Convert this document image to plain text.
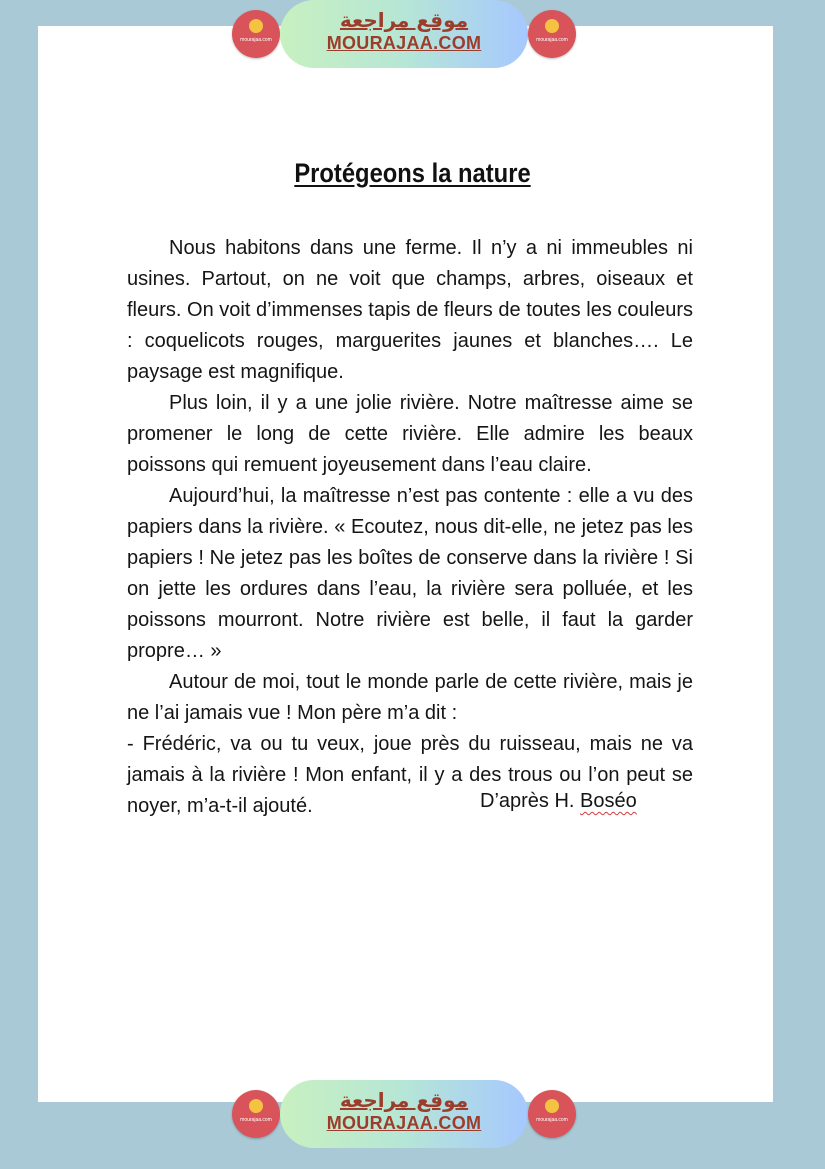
mourajaa.com
موقع مراجعة
MOURAJAA.COM	mourajaa.com
Protégeons la nature

Nous habitons dans une ferme. Il n’y a ni immeubles ni usines. Partout, on ne voit que champs, arbres, oiseaux et fleurs. On voit d’immenses tapis de fleurs de toutes les couleurs : coquelicots rouges, marguerites jaunes et blanches…. Le paysage est magnifique.

Plus loin, il y a une jolie rivière. Notre maîtresse aime se promener le long de cette rivière. Elle admire les beaux poissons qui remuent joyeusement dans l’eau claire.

Aujourd’hui, la maîtresse n’est pas contente : elle a vu des papiers dans la rivière. « Ecoutez, nous dit-elle, ne jetez pas les papiers ! Ne jetez pas les boîtes de conserve dans la rivière ! Si on jette les ordures dans l’eau, la rivière sera polluée, et les poissons mourront. Notre rivière est belle, il faut la garder propre… »

Autour de moi, tout le monde parle de cette rivière, mais je ne l’ai jamais vue ! Mon père m’a dit :

- Frédéric, va ou tu veux, joue près du ruisseau, mais ne va jamais à la rivière ! Mon enfant, il y a des trous ou l’on peut se noyer, m’a-t-il ajouté.	D’après H. Boséo
mourajaa.com
موقع مراجعة
MOURAJAA.COM	mourajaa.com
